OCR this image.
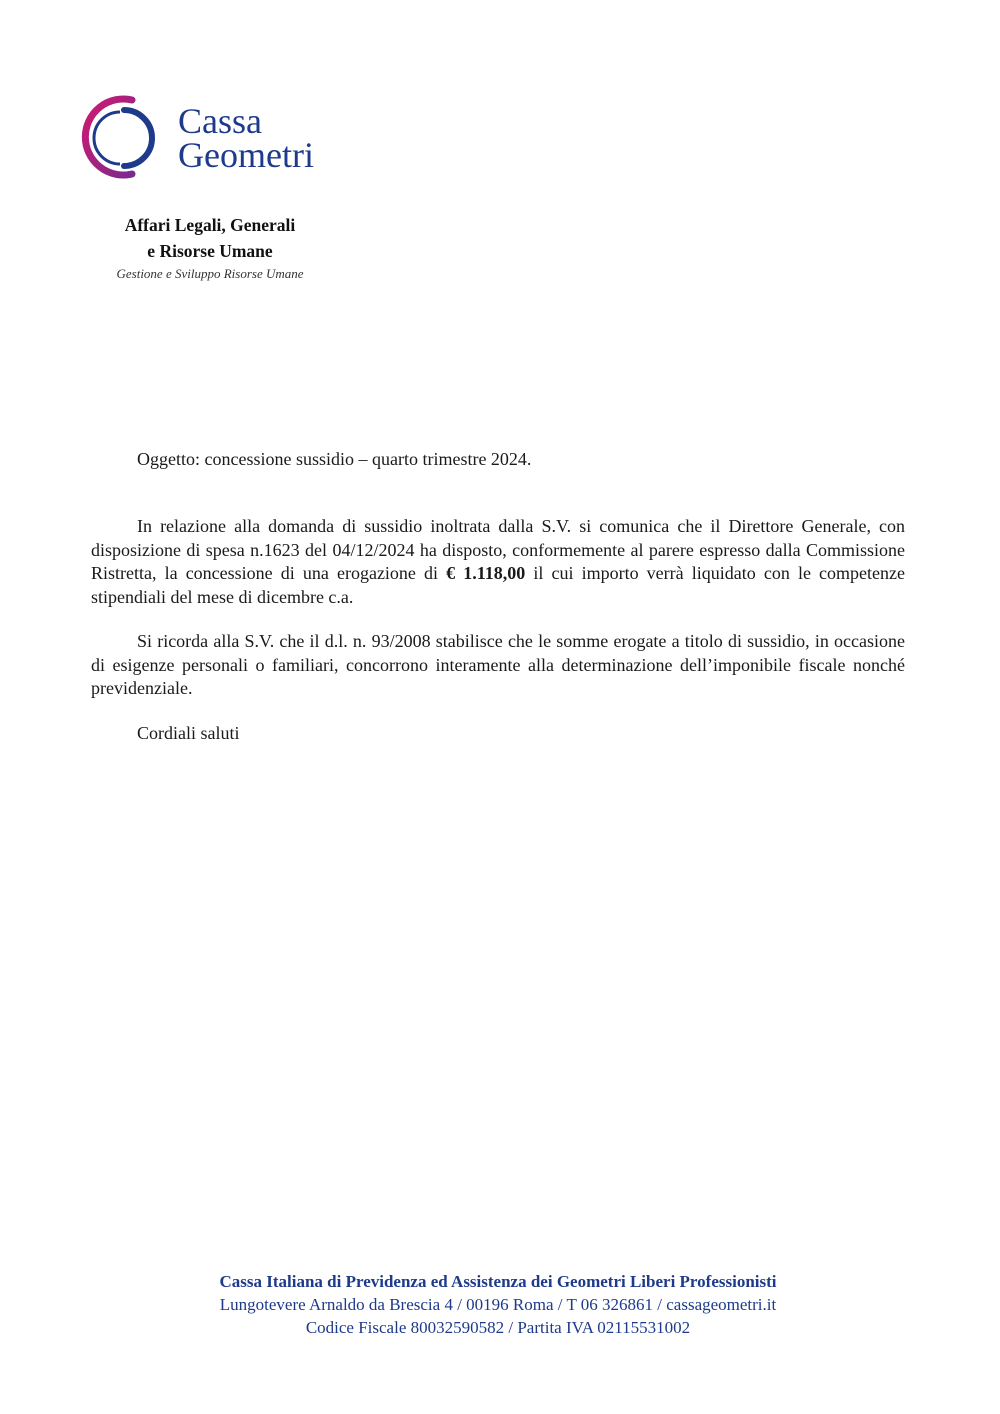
Cassa
Geometri
Affari Legali, Generali
e Risorse Umane
Gestione e Sviluppo Risorse Umane
Oggetto: concessione sussidio – quarto trimestre 2024.

In relazione alla domanda di sussidio inoltrata dalla S.V. si comunica che il Direttore Generale, con disposizione di spesa n.1623 del 04/12/2024 ha disposto, conformemente al parere espresso dalla Commissione Ristretta, la concessione di una erogazione di € 1.118,00 il cui importo verrà liquidato con le competenze stipendiali del mese di dicembre c.a.

Si ricorda alla S.V. che il d.l. n. 93/2008 stabilisce che le somme erogate a titolo di sussidio, in occasione di esigenze personali o familiari, concorrono interamente alla determinazione dell’imponibile fiscale nonché previdenziale.

Cordiali saluti

Cassa Italiana di Previdenza ed Assistenza dei Geometri Liberi Professionisti
Lungotevere Arnaldo da Brescia 4 / 00196 Roma / T 06 326861 / cassageometri.it
Codice Fiscale 80032590582 / Partita IVA 02115531002
